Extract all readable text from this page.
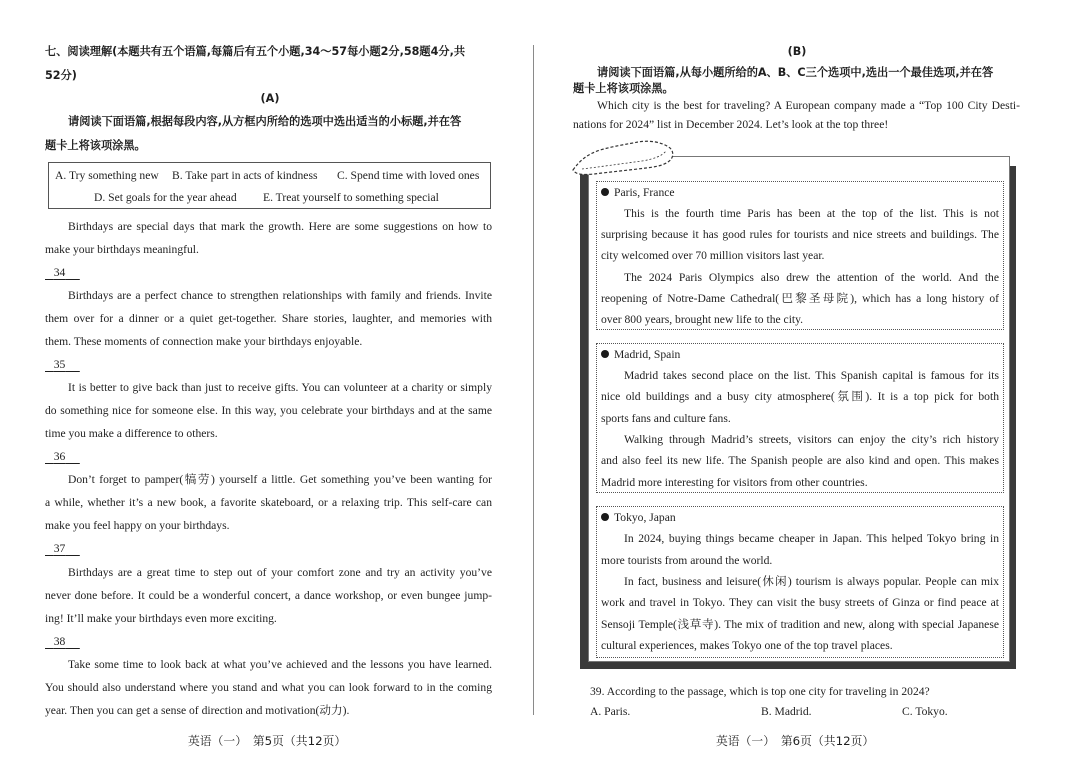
七、阅读理解(本题共有五个语篇,每篇后有五个小题,34～57每小题2分,58题4分,共
52分)
(A)
请阅读下面语篇,根据每段内容,从方框内所给的选项中选出适当的小标题,并在答
题卡上将该项涂黑。
A. Try something new B. Take part in acts of kindness C. Spend time with loved ones
D. Set goals for the year ahead E. Treat yourself to something special
Birthdays are special days that mark the growth. Here are some suggestions on how to
make your birthdays meaningful.
34
Birthdays are a perfect chance to strengthen relationships with family and friends. Invite
them over for a dinner or a quiet get-together. Share stories, laughter, and memories with
them. These moments of connection make your birthdays enjoyable.
35
It is better to give back than just to receive gifts. You can volunteer at a charity or simply
do something nice for someone else. In this way, you celebrate your birthdays and at the same
time you make a difference to others.
36
Don’t forget to pamper(犒劳) yourself a little. Get something you’ve been wanting for
a while, whether it’s a new book, a favorite skateboard, or a relaxing trip. This self-care can
make you feel happy on your birthdays.
37
Birthdays are a great time to step out of your comfort zone and try an activity you’ve
never done before. It could be a wonderful concert, a dance workshop, or even bungee jump-
ing! It’ll make your birthdays even more exciting.
38
Take some time to look back at what you’ve achieved and the lessons you have learned.
You should also understand where you stand and what you can look forward to in the coming
year. Then you can get a sense of direction and motivation(动力).
英语（一）　第5页（共12页）
(B)
请阅读下面语篇,从每小题所给的A、B、C三个选项中,选出一个最佳选项,并在答
题卡上将该项涂黑。
Which city is the best for traveling? A European company made a “Top 100 City Desti-
nations for 2024” list in December 2024. Let’s look at the top three!
Paris, France
This is the fourth time Paris has been at the top of the list. This is not
surprising because it has good rules for tourists and nice streets and buildings. The
city welcomed over 70 million visitors last year.
The 2024 Paris Olympics also drew the attention of the world. And the
reopening of Notre-Dame Cathedral(巴黎圣母院), which has a long history of
over 800 years, brought new life to the city.
Madrid, Spain
Madrid takes second place on the list. This Spanish capital is famous for its
nice old buildings and a busy city atmosphere(氛围). It is a top pick for both
sports fans and culture fans.
Walking through Madrid’s streets, visitors can enjoy the city’s rich history
and also feel its new life. The Spanish people are also kind and open. This makes
Madrid more interesting for visitors from other countries.
Tokyo, Japan
In 2024, buying things became cheaper in Japan. This helped Tokyo bring in
more tourists from around the world.
In fact, business and leisure(休闲) tourism is always popular. People can mix
work and travel in Tokyo. They can visit the busy streets of Ginza or find peace at
Sensoji Temple(浅草寺). The mix of tradition and new, along with special Japanese
cultural experiences, makes Tokyo one of the top travel places.
39. According to the passage, which is top one city for traveling in 2024?
A. Paris.	B. Madrid.	C. Tokyo.
英语（一）　第6页（共12页）
